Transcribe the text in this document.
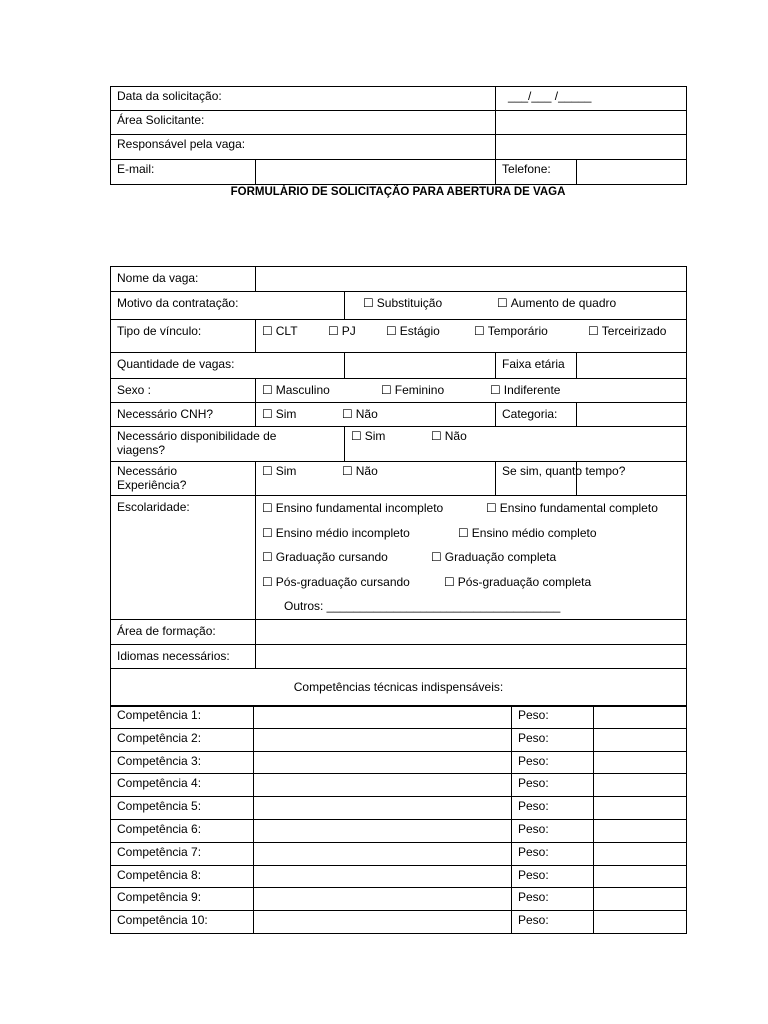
Data da solicitação:		___/___ /_____	
Área Solicitante:			
Responsável pela vaga:			
E-mail:		Telefone:	
FORMULÁRIO DE SOLICITAÇÃO PARA ABERTURA DE VAGA
Nome da vaga:				
Motivo da contratação:		☐ Substituição ☐ Aumento de quadro
Tipo de vínculo:	☐ CLT ☐ PJ ☐ Estágio ☐ Temporário ☐ Terceirizado
Quantidade de vagas:			Faixa etária	
Sexo :	☐ Masculino ☐ Feminino ☐ Indiferente
Necessário CNH?	☐ Sim ☐ Não		Categoria:	
Necessário disponibilidade de viagens?		☐ Sim ☐ Não
Necessário Experiência?	☐ Sim ☐ Não		Se sim, quanto tempo?	
Escolaridade:	☐ Ensino fundamental incompleto ☐ Ensino fundamental completo
☐ Ensino médio incompleto ☐ Ensino médio completo
☐ Graduação cursando ☐ Graduação completa
☐ Pós-graduação cursando ☐ Pós-graduação completa
Outros: ___________________________________

Área de formação:				
Idiomas necessários:				
Competências técnicas indispensáveis:				
Competência 1:		Peso:	
Competência 2:		Peso:	
Competência 3:		Peso:	
Competência 4:		Peso:	
Competência 5:		Peso:	
Competência 6:		Peso:	
Competência 7:		Peso:	
Competência 8:		Peso:	
Competência 9:		Peso:	
Competência 10:		Peso:	
